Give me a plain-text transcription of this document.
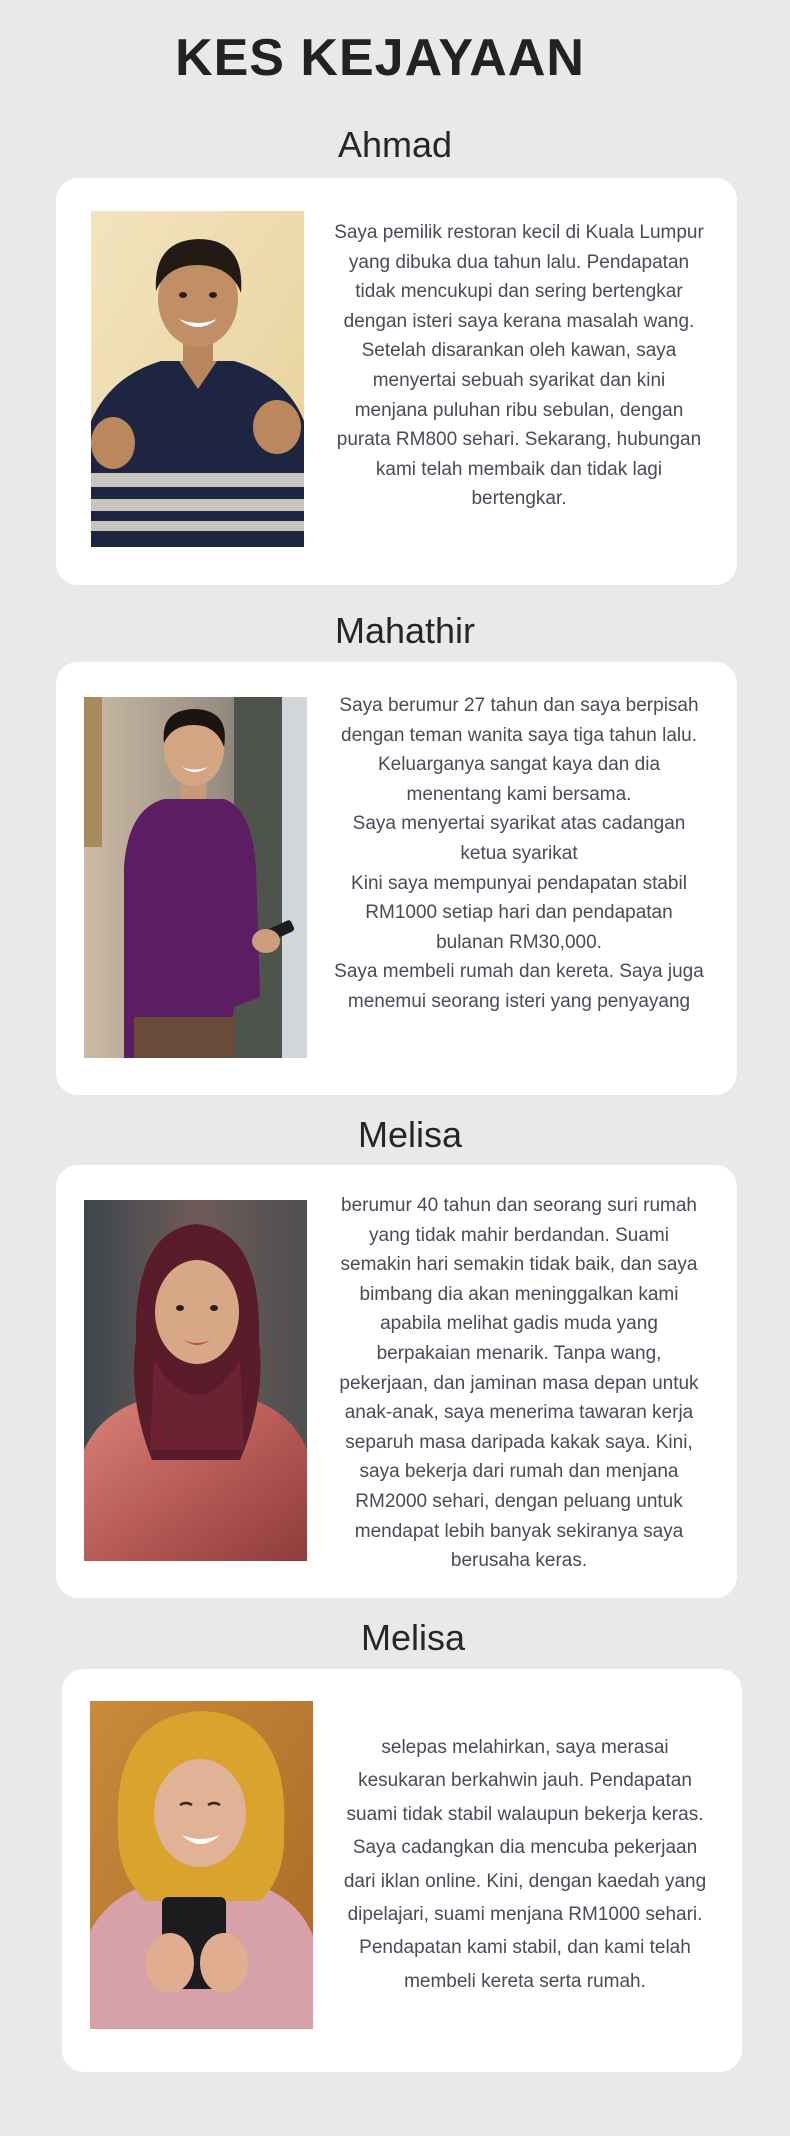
KES KEJAYAAN
Ahmad

Saya pemilik restoran kecil di Kuala Lumpur yang dibuka dua tahun lalu. Pendapatan tidak mencukupi dan sering bertengkar dengan isteri saya kerana masalah wang. Setelah disarankan oleh kawan, saya menyertai sebuah syarikat dan kini menjana puluhan ribu sebulan, dengan purata RM800 sehari. Sekarang, hubungan kami telah membaik dan tidak lagi bertengkar.

Mahathir

Saya berumur 27 tahun dan saya berpisah dengan teman wanita saya tiga tahun lalu.
Keluarganya sangat kaya dan dia menentang kami bersama.
Saya menyertai syarikat atas cadangan ketua syarikat
Kini saya mempunyai pendapatan stabil RM1000 setiap hari dan pendapatan bulanan RM30,000.
Saya membeli rumah dan kereta. Saya juga menemui seorang isteri yang penyayang

Melisa

berumur 40 tahun dan seorang suri rumah yang tidak mahir berdandan. Suami semakin hari semakin tidak baik, dan saya bimbang dia akan meninggalkan kami apabila melihat gadis muda yang berpakaian menarik. Tanpa wang, pekerjaan, dan jaminan masa depan untuk anak-anak, saya menerima tawaran kerja separuh masa daripada kakak saya. Kini, saya bekerja dari rumah dan menjana RM2000 sehari, dengan peluang untuk mendapat lebih banyak sekiranya saya berusaha keras.

Melisa

selepas melahirkan, saya merasai kesukaran berkahwin jauh. Pendapatan suami tidak stabil walaupun bekerja keras. Saya cadangkan dia mencuba pekerjaan dari iklan online. Kini, dengan kaedah yang dipelajari, suami menjana RM1000 sehari. Pendapatan kami stabil, dan kami telah membeli kereta serta rumah.
